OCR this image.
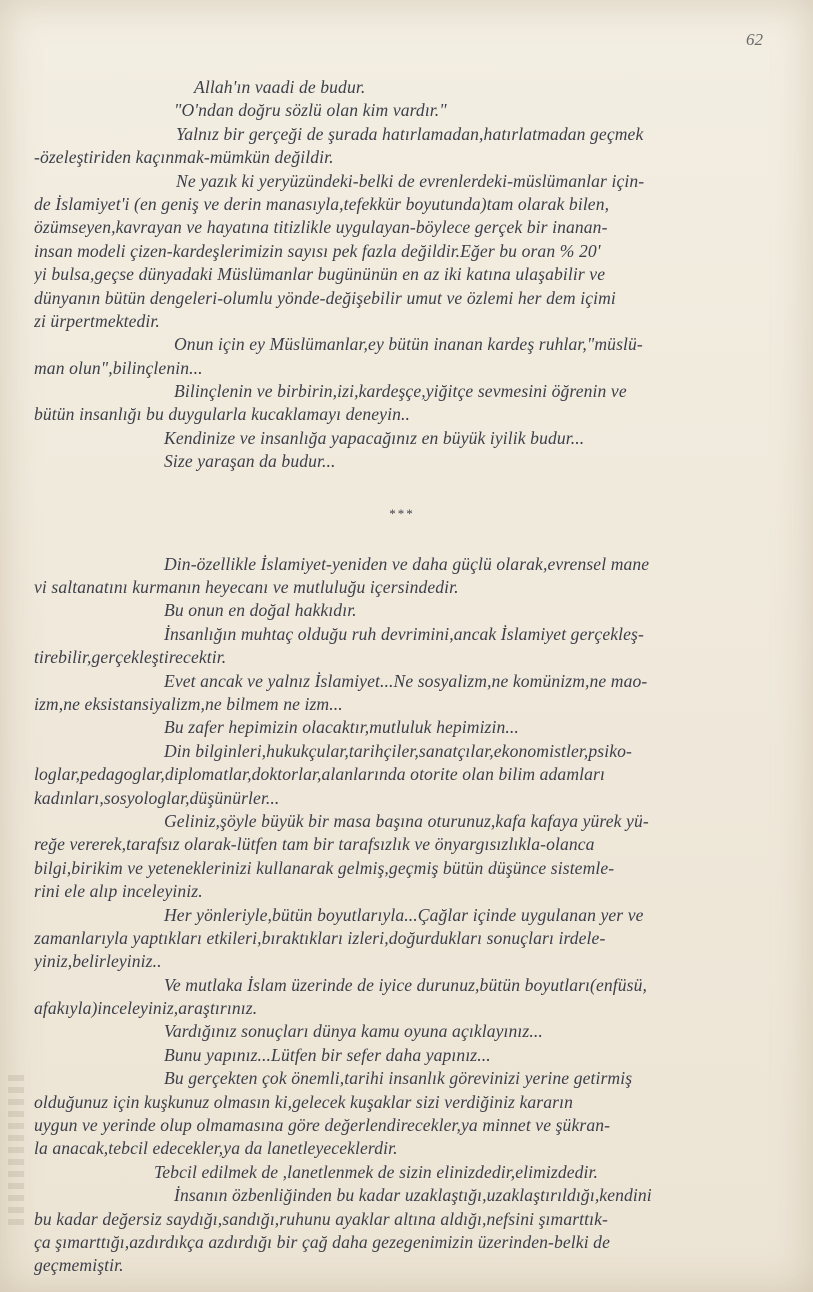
62
Allah'ın vaadi de budur.
"O'ndan doğru sözlü olan kim vardır."
Yalnız bir gerçeği de şurada hatırlamadan,hatırlatmadan geçmek
-özeleştiriden kaçınmak-mümkün değildir.
Ne yazık ki yeryüzündeki-belki de evrenlerdeki-müslümanlar için-
de İslamiyet'i (en geniş ve derin manasıyla,tefekkür boyutunda)tam olarak bilen,
özümseyen,kavrayan ve hayatına titizlikle uygulayan-böylece gerçek bir inanan-
insan modeli çizen-kardeşlerimizin sayısı pek fazla değildir.Eğer bu oran % 20'
yi bulsa,geçse dünyadaki Müslümanlar bugününün en az iki katına ulaşabilir ve
dünyanın bütün dengeleri-olumlu yönde-değişebilir umut ve özlemi her dem içimi
zi ürpertmektedir.
Onun için ey Müslümanlar,ey bütün inanan kardeş ruhlar,"müslü-
man olun",bilinçlenin...
Bilinçlenin ve birbirin,izi,kardeşçe,yiğitçe sevmesini öğrenin ve
bütün insanlığı bu duygularla kucaklamayı deneyin..
Kendinize ve insanlığa yapacağınız en büyük iyilik budur...
Size yaraşan da budur...
***
Din-özellikle İslamiyet-yeniden ve daha güçlü olarak,evrensel mane
vi saltanatını kurmanın heyecanı ve mutluluğu içersindedir.
Bu onun en doğal hakkıdır.
İnsanlığın muhtaç olduğu ruh devrimini,ancak İslamiyet gerçekleş-
tirebilir,gerçekleştirecektir.
Evet ancak ve yalnız İslamiyet...Ne sosyalizm,ne komünizm,ne mao-
izm,ne eksistansiyalizm,ne bilmem ne izm...
Bu zafer hepimizin olacaktır,mutluluk hepimizin...
Din bilginleri,hukukçular,tarihçiler,sanatçılar,ekonomistler,psiko-
loglar,pedagoglar,diplomatlar,doktorlar,alanlarında otorite olan bilim adamları
kadınları,sosyologlar,düşünürler...
Geliniz,şöyle büyük bir masa başına oturunuz,kafa kafaya yürek yü-
reğe vererek,tarafsız olarak-lütfen tam bir tarafsızlık ve önyargısızlıkla-olanca
bilgi,birikim ve yeteneklerinizi kullanarak gelmiş,geçmiş bütün düşünce sistemle-
rini ele alıp inceleyiniz.
Her yönleriyle,bütün boyutlarıyla...Çağlar içinde uygulanan yer ve
zamanlarıyla yaptıkları etkileri,bıraktıkları izleri,doğurdukları sonuçları irdele-
yiniz,belirleyiniz..
Ve mutlaka İslam üzerinde de iyice durunuz,bütün boyutları(enfüsü,
afakıyla)inceleyiniz,araştırınız.
Vardığınız sonuçları dünya kamu oyuna açıklayınız...
Bunu yapınız...Lütfen bir sefer daha yapınız...
Bu gerçekten çok önemli,tarihi insanlık görevinizi yerine getirmiş
olduğunuz için kuşkunuz olmasın ki,gelecek kuşaklar sizi verdiğiniz kararın
uygun ve yerinde olup olmamasına göre değerlendirecekler,ya minnet ve şükran-
la anacak,tebcil edecekler,ya da lanetleyeceklerdir.
Tebcil edilmek de ,lanetlenmek de sizin elinizdedir,elimizdedir.
İnsanın özbenliğinden bu kadar uzaklaştığı,uzaklaştırıldığı,kendini
bu kadar değersiz saydığı,sandığı,ruhunu ayaklar altına aldığı,nefsini şımarttık-
ça şımarttığı,azdırdıkça azdırdığı bir çağ daha gezegenimizin üzerinden-belki de
geçmemiştir.
